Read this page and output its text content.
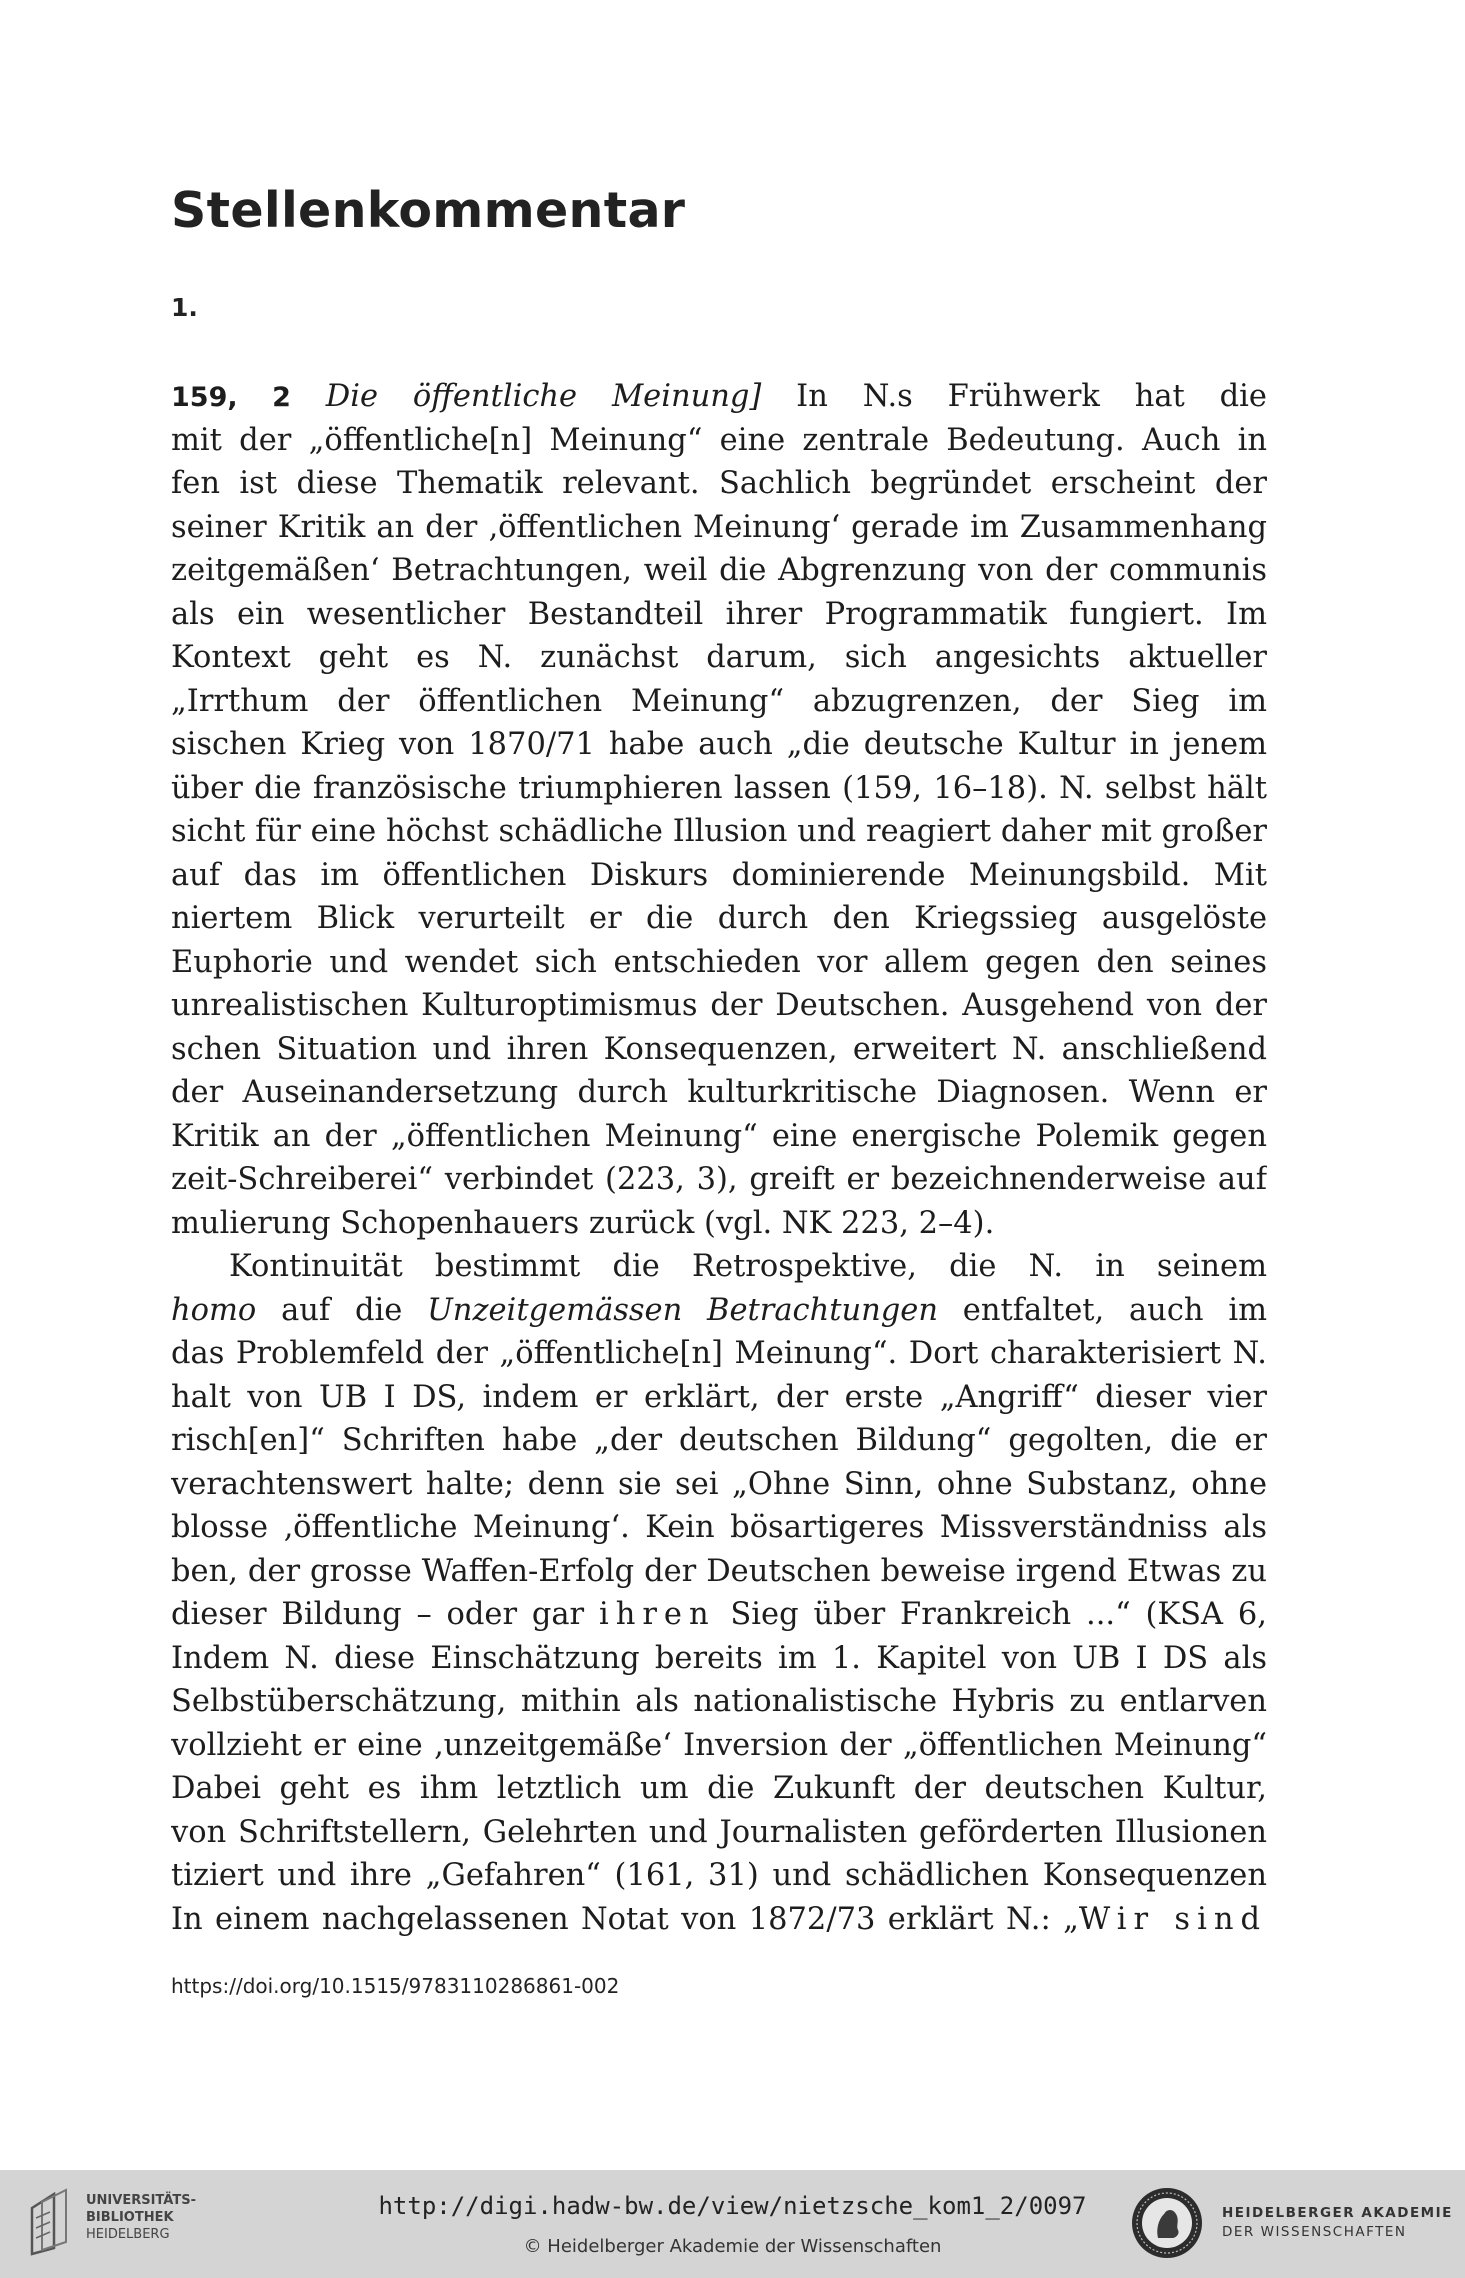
Stellenkommentar
1.
159, 2 Die öffentliche Meinung] In N.s Frühwerk hat die
mit der „öffentliche[n] Meinung“ eine zentrale Bedeutung. Auch in
fen ist diese Thematik relevant. Sachlich begründet erscheint der
seiner Kritik an der ‚öffentlichen Meinung‘ gerade im Zusammenhang
zeitgemäßen‘ Betrachtungen, weil die Abgrenzung von der communis
als ein wesentlicher Bestandteil ihrer Programmatik fungiert. Im
Kontext geht es N. zunächst darum, sich angesichts aktueller
„Irrthum der öffentlichen Meinung“ abzugrenzen, der Sieg im
sischen Krieg von 1870/71 habe auch „die deutsche Kultur in jenem
über die französische triumphieren lassen (159, 16–18). N. selbst hält
sicht für eine höchst schädliche Illusion und reagiert daher mit großer
auf das im öffentlichen Diskurs dominierende Meinungsbild. Mit
niertem Blick verurteilt er die durch den Kriegssieg ausgelöste
Euphorie und wendet sich entschieden vor allem gegen den seines
unrealistischen Kulturoptimismus der Deutschen. Ausgehend von der
schen Situation und ihren Konsequenzen, erweitert N. anschließend
der Auseinandersetzung durch kulturkritische Diagnosen. Wenn er
Kritik an der „öffentlichen Meinung“ eine energische Polemik gegen
zeit-Schreiberei“ verbindet (223, 3), greift er bezeichnenderweise auf
mulierung Schopenhauers zurück (vgl. NK 223, 2–4).
Kontinuität bestimmt die Retrospektive, die N. in seinem
homo auf die Unzeitgemässen Betrachtungen entfaltet, auch im
das Problemfeld der „öffentliche[n] Meinung“. Dort charakterisiert N.
halt von UB I DS, indem er erklärt, der erste „Angriff“ dieser vier
risch[en]“ Schriften habe „der deutschen Bildung“ gegolten, die er
verachtenswert halte; denn sie sei „Ohne Sinn, ohne Substanz, ohne
blosse ‚öffentliche Meinung‘. Kein bösartigeres Missverständniss als
ben, der grosse Waffen-Erfolg der Deutschen beweise irgend Etwas zu
dieser Bildung – oder gar ihren Sieg über Frankreich ...“ (KSA 6,
Indem N. diese Einschätzung bereits im 1. Kapitel von UB I DS als
Selbstüberschätzung, mithin als nationalistische Hybris zu entlarven
vollzieht er eine ‚unzeitgemäße‘ Inversion der „öffentlichen Meinung“
Dabei geht es ihm letztlich um die Zukunft der deutschen Kultur,
von Schriftstellern, Gelehrten und Journalisten geförderten Illusionen
tiziert und ihre „Gefahren“ (161, 31) und schädlichen Konsequenzen
In einem nachgelassenen Notat von 1872/73 erklärt N.: „Wir sind
https://doi.org/10.1515/9783110286861-002
UNIVERSITÄTS-
BIBLIOTHEK
HEIDELBERG
http://digi.hadw-bw.de/view/nietzsche_kom1_2/0097
© Heidelberger Akademie der Wissenschaften
HEIDELBERGER AKADEMIE
DER WISSENSCHAFTEN
